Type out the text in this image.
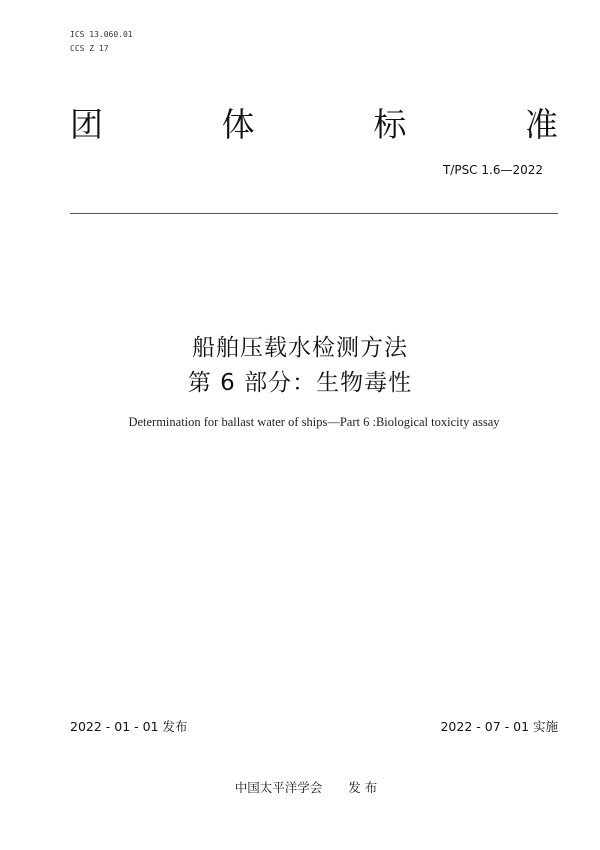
ICS 13.060.01
CCS Z 17
团	体	标	准
T/PSC 1.6—2022
船舶压载水检测方法
第 6 部分：生物毒性
Determination for ballast water of ships—Part 6 :Biological toxicity assay
2022 - 01 - 01 发布	2022 - 07 - 01 实施
中国太平洋学会 发 布
